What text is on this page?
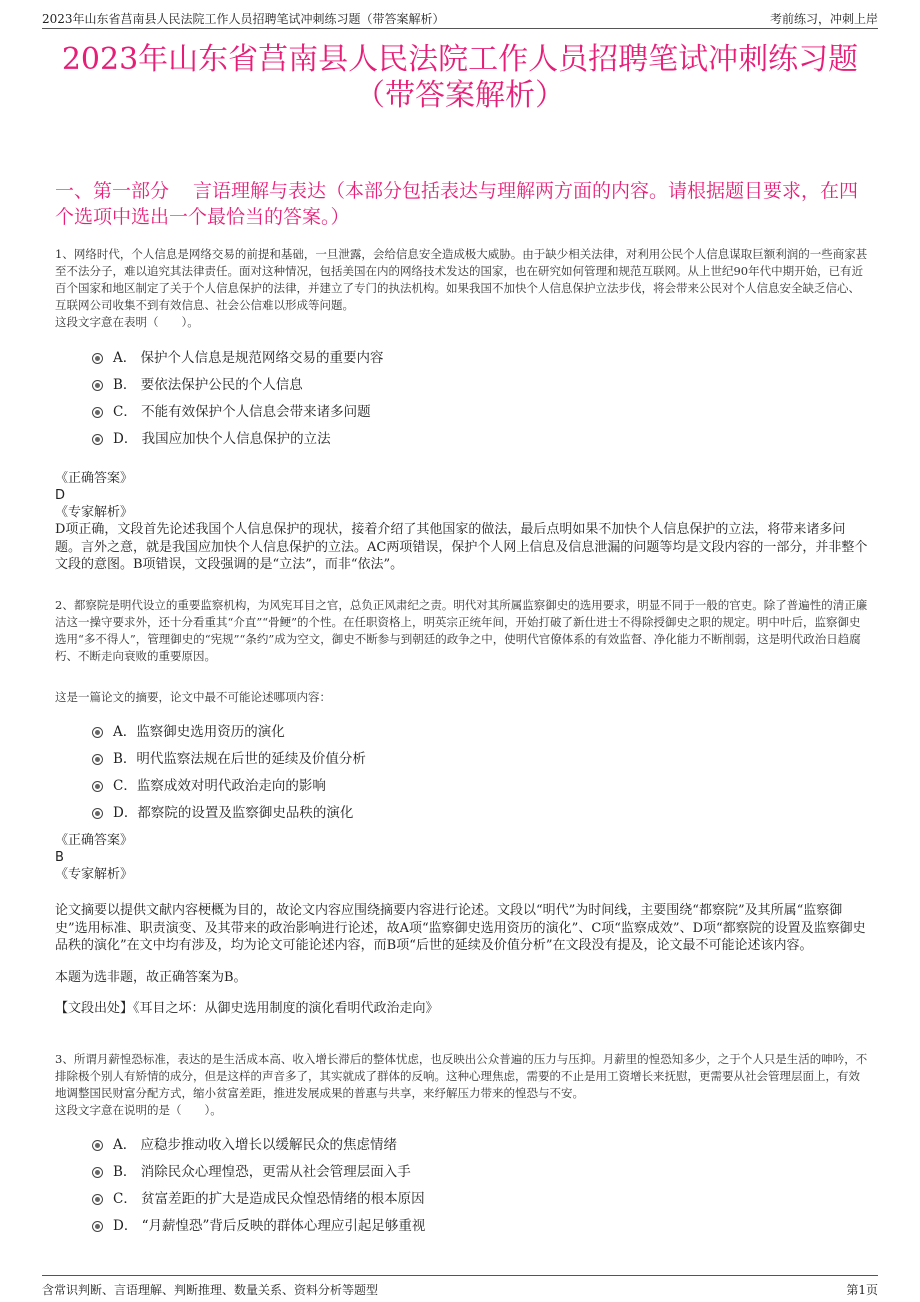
2023年山东省莒南县人民法院工作人员招聘笔试冲刺练习题（带答案解析）	考前练习，冲刺上岸
2023年山东省莒南县人民法院工作人员招聘笔试冲刺练习题
（带答案解析）
一、第一部分 言语理解与表达（本部分包括表达与理解两方面的内容。请根据题目要求，在四个选项中选出一个最恰当的答案。）

1、网络时代，个人信息是网络交易的前提和基础，一旦泄露，会给信息安全造成极大威胁。由于缺少相关法律，对利用公民个人信息谋取巨额利润的一些商家甚至不法分子，难以追究其法律责任。面对这种情况，包括美国在内的网络技术发达的国家，也在研究如何管理和规范互联网。从上世纪90年代中期开始，已有近百个国家和地区制定了关于个人信息保护的法律，并建立了专门的执法机构。如果我国不加快个人信息保护立法步伐，将会带来公民对个人信息安全缺乏信心、互联网公司收集不到有效信息、社会公信难以形成等问题。

这段文字意在表明（　　）。

A． 保护个人信息是规范网络交易的重要内容
B． 要依法保护公民的个人信息
C． 不能有效保护个人信息会带来诸多问题
D． 我国应加快个人信息保护的立法
《正确答案》
D
《专家解析》

D项正确，文段首先论述我国个人信息保护的现状，接着介绍了其他国家的做法，最后点明如果不加快个人信息保护的立法，将带来诸多问题。言外之意，就是我国应加快个人信息保护的立法。AC两项错误，保护个人网上信息及信息泄漏的问题等均是文段内容的一部分，并非整个文段的意图。B项错误，文段强调的是“立法”，而非“依法”。

2、都察院是明代设立的重要监察机构，为风宪耳目之官，总负正风肃纪之责。明代对其所属监察御史的选用要求，明显不同于一般的官吏。除了普遍性的清正廉洁这一操守要求外，还十分看重其“介直”“骨鲠”的个性。在任职资格上，明英宗正统年间，开始打破了新仕进士不得除授御史之职的规定。明中叶后，监察御史选用“多不得人”，管理御史的“宪规”“条约”成为空文，御史不断参与到朝廷的政争之中，使明代官僚体系的有效监督、净化能力不断削弱，这是明代政治日趋腐朽、不断走向衰败的重要原因。

这是一篇论文的摘要，论文中最不可能论述哪项内容：

A．监察御史选用资历的演化
B．明代监察法规在后世的延续及价值分析
C．监察成效对明代政治走向的影响
D．都察院的设置及监察御史品秩的演化
《正确答案》
B
《专家解析》

论文摘要以提供文献内容梗概为目的，故论文内容应围绕摘要内容进行论述。文段以“明代”为时间线，主要围绕“都察院”及其所属“监察御史”选用标准、职责演变、及其带来的政治影响进行论述，故A项“监察御史选用资历的演化”、C项“监察成效”、D项“都察院的设置及监察御史品秩的演化”在文中均有涉及，均为论文可能论述内容，而B项“后世的延续及价值分析”在文段没有提及，论文最不可能论述该内容。

本题为选非题，故正确答案为B。

【文段出处】《耳目之坏：从御史选用制度的演化看明代政治走向》

3、所谓月薪惶恐标准，表达的是生活成本高、收入增长滞后的整体忧虑，也反映出公众普遍的压力与压抑。月薪里的惶恐知多少，之于个人只是生活的呻吟，不排除极个别人有矫情的成分，但是这样的声音多了，其实就成了群体的反响。这种心理焦虑，需要的不止是用工资增长来抚慰，更需要从社会管理层面上，有效地调整国民财富分配方式，缩小贫富差距，推进发展成果的普惠与共享，来纾解压力带来的惶恐与不安。

这段文字意在说明的是（　　）。

A． 应稳步推动收入增长以缓解民众的焦虑情绪
B． 消除民众心理惶恐，更需从社会管理层面入手
C． 贫富差距的扩大是造成民众惶恐情绪的根本原因
D． “月薪惶恐”背后反映的群体心理应引起足够重视
含常识判断、言语理解、判断推理、数量关系、资料分析等题型	第1页
